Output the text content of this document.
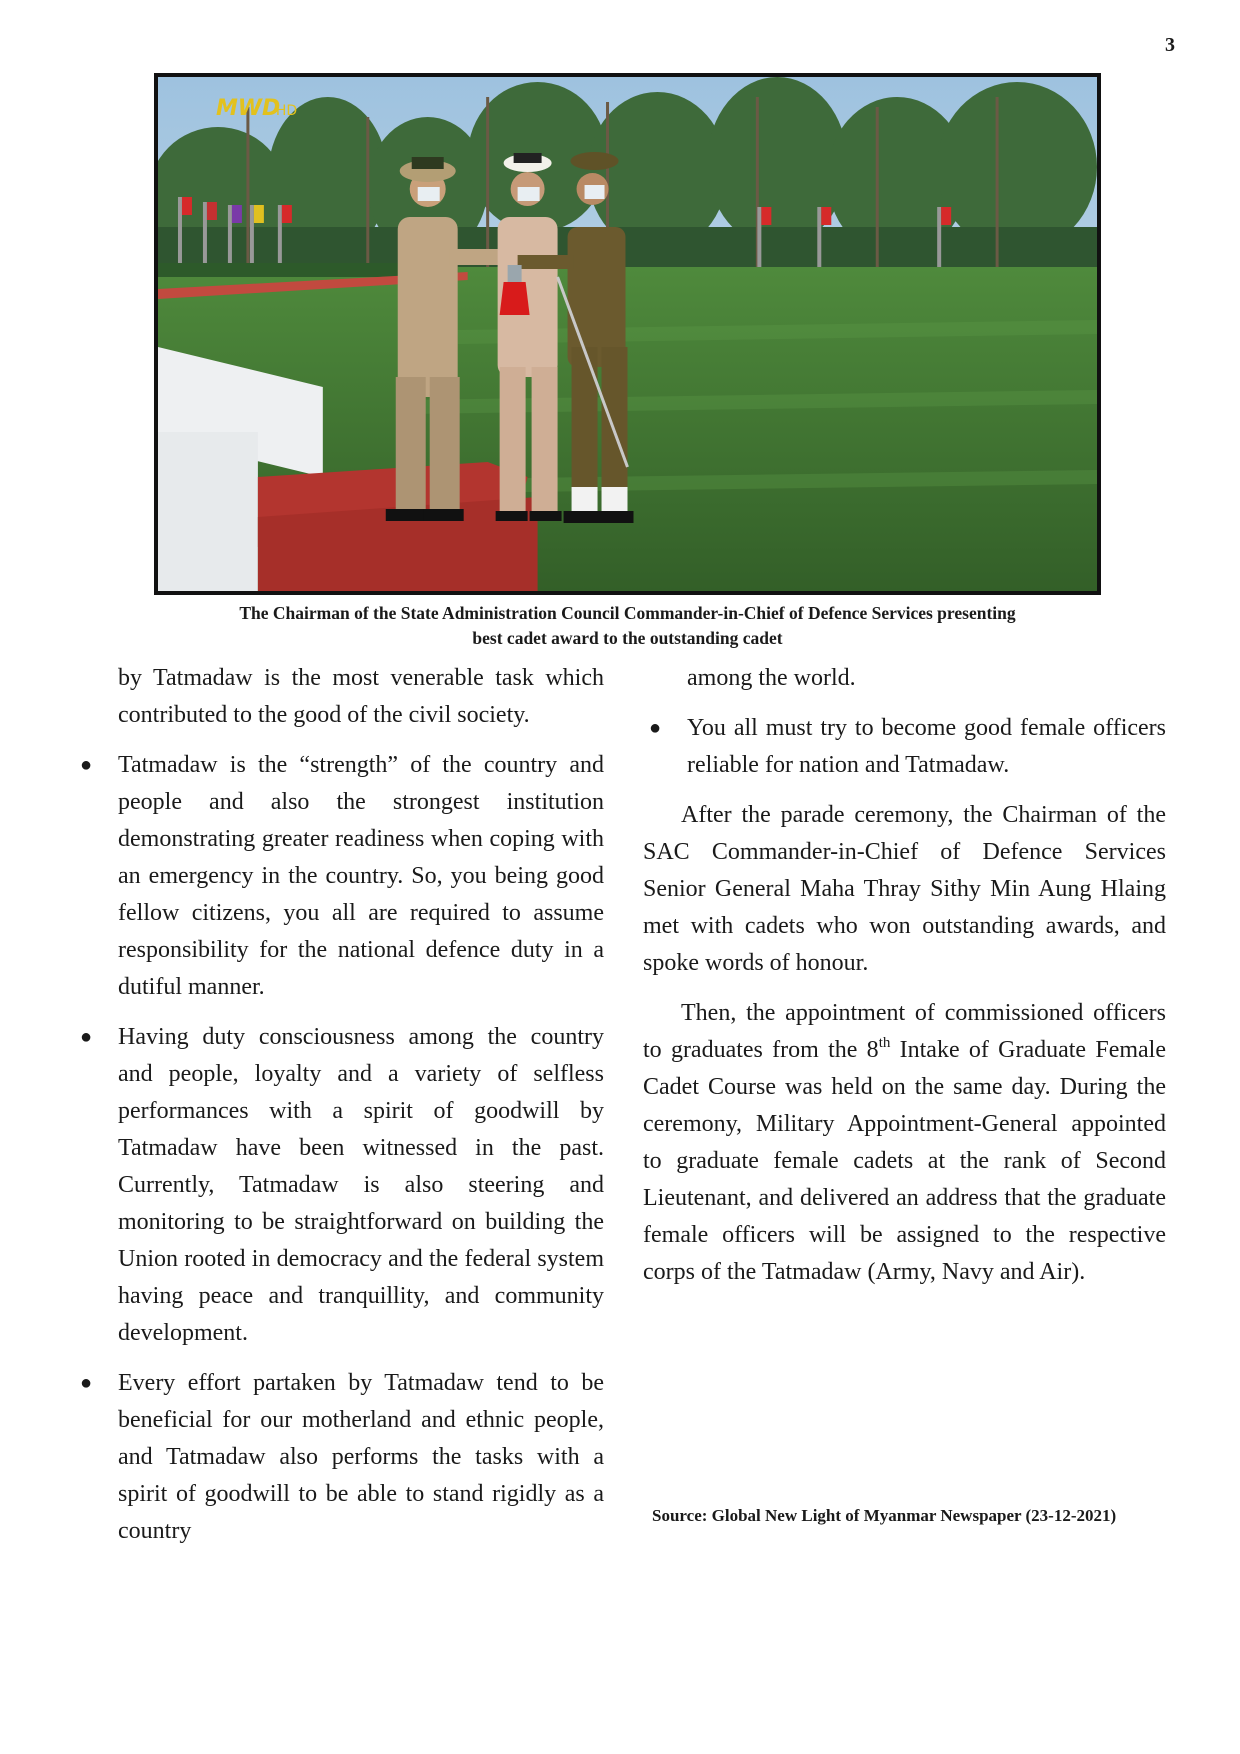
3
MWD
HD
The Chairman of the State Administration Council Commander-in-Chief of Defence Services presenting
best cadet award to the outstanding cadet

by Tatmadaw is the most venerable task which contributed to the good of the civil society.

● Tatmadaw is the “strength” of the country and people and also the strongest institution demonstrating greater readiness when coping with an emergency in the country. So, you being good fellow citizens, you all are required to assume responsibility for the national defence duty in a dutiful manner.
● Having duty consciousness among the country and people, loyalty and a variety of selfless performances with a spirit of goodwill by Tatmadaw have been witnessed in the past. Currently, Tatmadaw is also steering and monitoring to be straightforward on building the Union rooted in democracy and the federal system having peace and tranquillity, and community development.
● Every effort partaken by Tatmadaw tend to be beneficial for our motherland and ethnic people, and Tatmadaw also performs the tasks with a spirit of goodwill to be able to stand rigidly as a country

among the world.

● You all must try to become good female officers reliable for nation and Tatmadaw.

After the parade ceremony, the Chairman of the SAC Commander-in-Chief of Defence Services Senior General Maha Thray Sithy Min Aung Hlaing met with cadets who won outstanding awards, and spoke words of honour.

Then, the appointment of commissioned officers to graduates from the 8th Intake of Graduate Female Cadet Course was held on the same day. During the ceremony, Military Appointment-General appointed to graduate female cadets at the rank of Second Lieutenant, and delivered an address that the graduate female officers will be assigned to the respective corps of the Tatmadaw (Army, Navy and Air).

Source: Global New Light of Myanmar Newspaper (23-12-2021)
